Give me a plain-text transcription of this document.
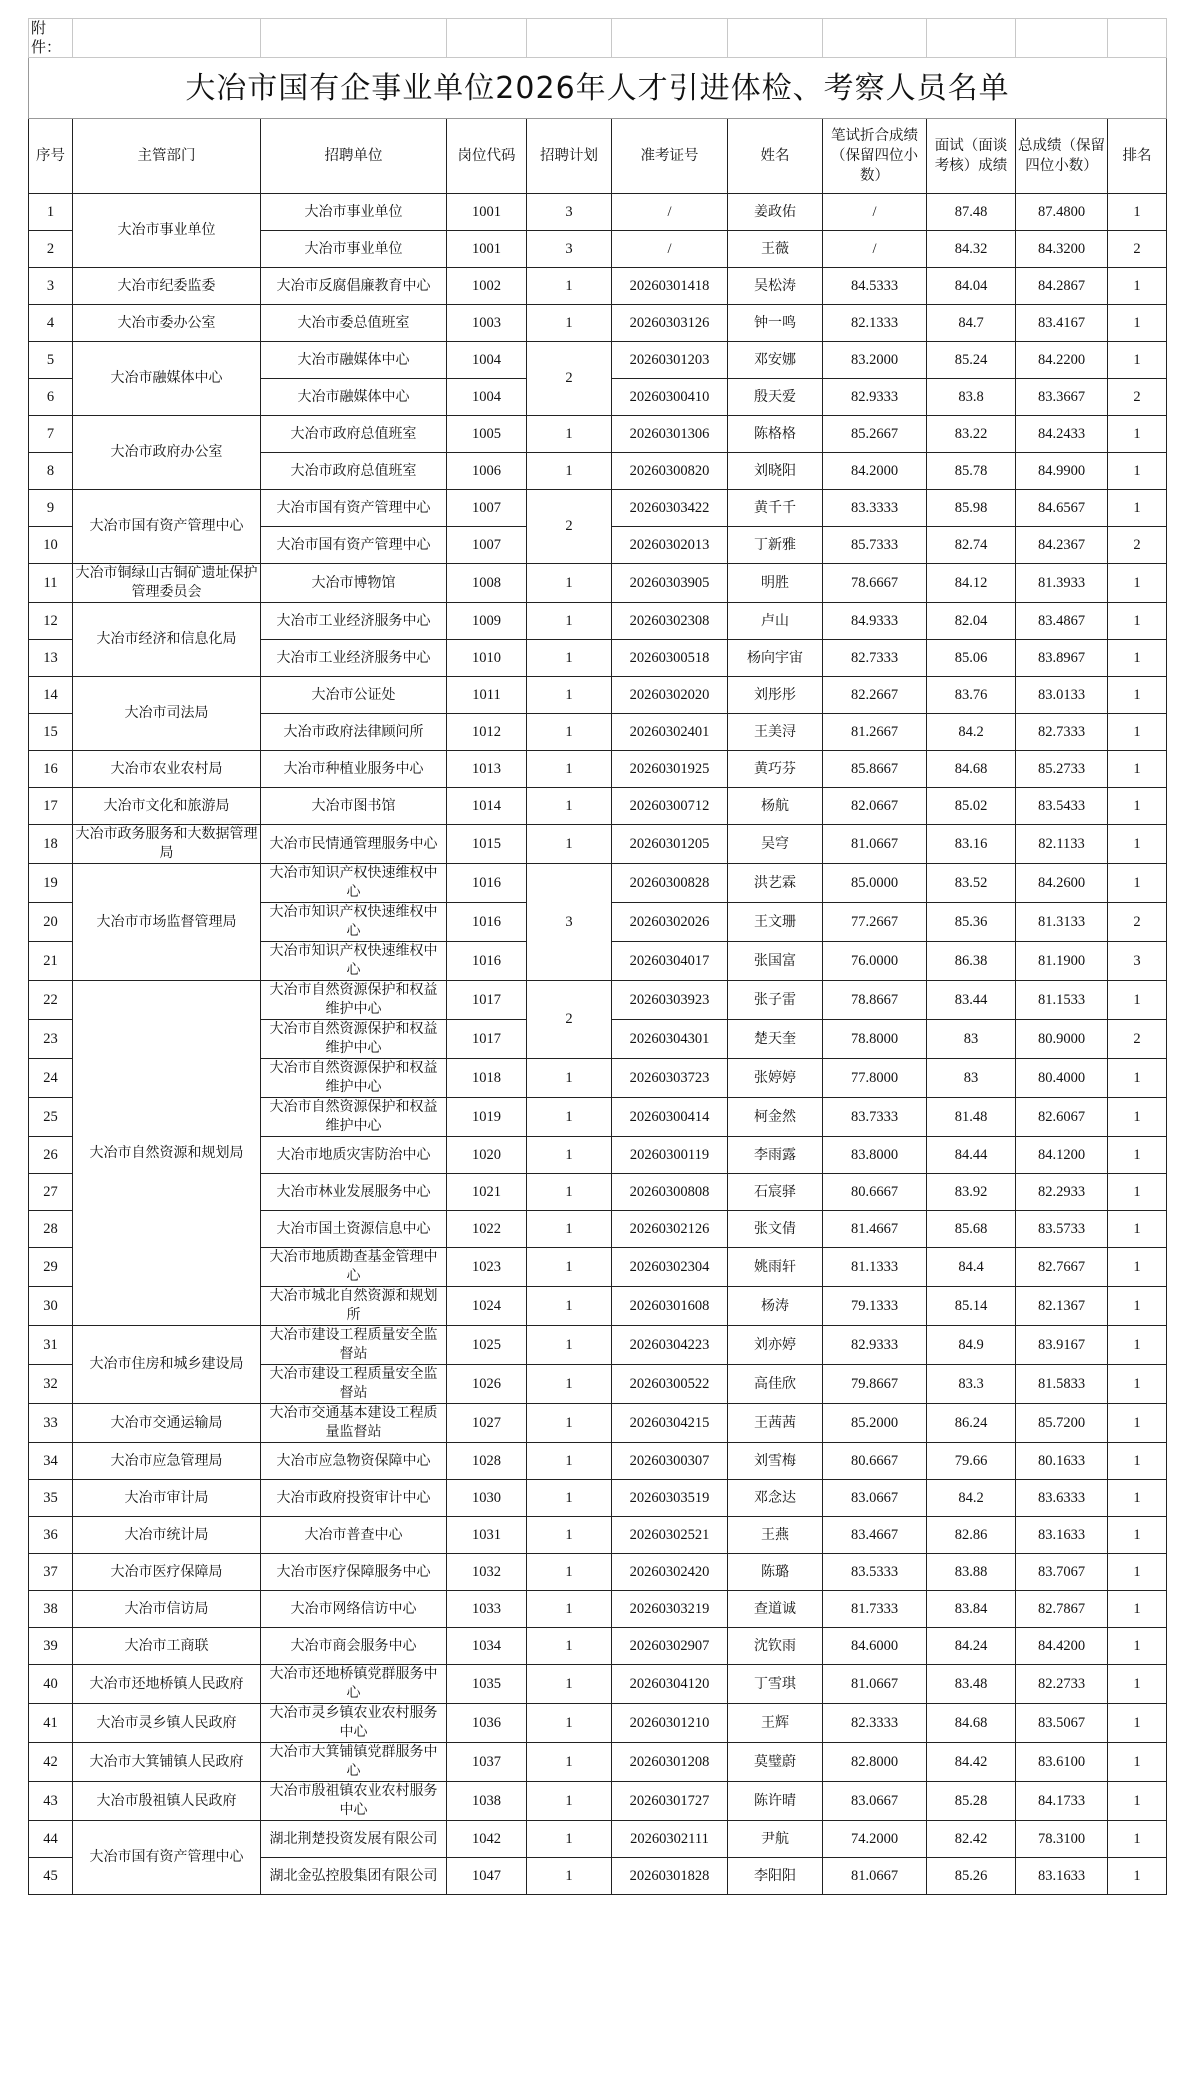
附件：										
大冶市国有企事业单位2026年人才引进体检、考察人员名单										
序号	主管部门	招聘单位	岗位代码	招聘计划	准考证号	姓名	笔试折合成绩（保留四位小数）	面试（面谈考核）成绩	总成绩（保留四位小数）	排名
1	大冶市事业单位	大冶市事业单位	1001	3	/	姜政佑	/	87.48	87.4800	1
2		大冶市事业单位	1001	3	/	王薇	/	84.32	84.3200	2
3	大冶市纪委监委	大冶市反腐倡廉教育中心	1002	1	20260301418	吴松涛	84.5333	84.04	84.2867	1
4	大冶市委办公室	大冶市委总值班室	1003	1	20260303126	钟一鸣	82.1333	84.7	83.4167	1
5	大冶市融媒体中心	大冶市融媒体中心	1004	2	20260301203	邓安娜	83.2000	85.24	84.2200	1
6		大冶市融媒体中心	1004		20260300410	殷天爱	82.9333	83.8	83.3667	2
7	大冶市政府办公室	大冶市政府总值班室	1005	1	20260301306	陈格格	85.2667	83.22	84.2433	1
8		大冶市政府总值班室	1006	1	20260300820	刘晓阳	84.2000	85.78	84.9900	1
9	大冶市国有资产管理中心	大冶市国有资产管理中心	1007	2	20260303422	黄千千	83.3333	85.98	84.6567	1
10		大冶市国有资产管理中心	1007		20260302013	丁新雅	85.7333	82.74	84.2367	2
11	大冶市铜绿山古铜矿遗址保护管理委员会	大冶市博物馆	1008	1	20260303905	明胜	78.6667	84.12	81.3933	1
12	大冶市经济和信息化局	大冶市工业经济服务中心	1009	1	20260302308	卢山	84.9333	82.04	83.4867	1
13		大冶市工业经济服务中心	1010	1	20260300518	杨向宇宙	82.7333	85.06	83.8967	1
14	大冶市司法局	大冶市公证处	1011	1	20260302020	刘彤彤	82.2667	83.76	83.0133	1
15		大冶市政府法律顾问所	1012	1	20260302401	王美浔	81.2667	84.2	82.7333	1
16	大冶市农业农村局	大冶市种植业服务中心	1013	1	20260301925	黄巧芬	85.8667	84.68	85.2733	1
17	大冶市文化和旅游局	大冶市图书馆	1014	1	20260300712	杨航	82.0667	85.02	83.5433	1
18	大冶市政务服务和大数据管理局	大冶市民情通管理服务中心	1015	1	20260301205	吴穹	81.0667	83.16	82.1133	1
19	大冶市市场监督管理局	大冶市知识产权快速维权中心	1016	3	20260300828	洪艺霖	85.0000	83.52	84.2600	1
20		大冶市知识产权快速维权中心	1016		20260302026	王文珊	77.2667	85.36	81.3133	2
21		大冶市知识产权快速维权中心	1016		20260304017	张国富	76.0000	86.38	81.1900	3
22	大冶市自然资源和规划局	大冶市自然资源保护和权益维护中心	1017	2	20260303923	张子雷	78.8667	83.44	81.1533	1
23		大冶市自然资源保护和权益维护中心	1017		20260304301	楚天奎	78.8000	83	80.9000	2
24		大冶市自然资源保护和权益维护中心	1018	1	20260303723	张婷婷	77.8000	83	80.4000	1
25		大冶市自然资源保护和权益维护中心	1019	1	20260300414	柯金然	83.7333	81.48	82.6067	1
26		大冶市地质灾害防治中心	1020	1	20260300119	李雨露	83.8000	84.44	84.1200	1
27		大冶市林业发展服务中心	1021	1	20260300808	石宸驿	80.6667	83.92	82.2933	1
28		大冶市国土资源信息中心	1022	1	20260302126	张文倩	81.4667	85.68	83.5733	1
29		大冶市地质勘查基金管理中心	1023	1	20260302304	姚雨轩	81.1333	84.4	82.7667	1
30		大冶市城北自然资源和规划所	1024	1	20260301608	杨涛	79.1333	85.14	82.1367	1
31	大冶市住房和城乡建设局	大冶市建设工程质量安全监督站	1025	1	20260304223	刘亦婷	82.9333	84.9	83.9167	1
32		大冶市建设工程质量安全监督站	1026	1	20260300522	高佳欣	79.8667	83.3	81.5833	1
33	大冶市交通运输局	大冶市交通基本建设工程质量监督站	1027	1	20260304215	王茜茜	85.2000	86.24	85.7200	1
34	大冶市应急管理局	大冶市应急物资保障中心	1028	1	20260300307	刘雪梅	80.6667	79.66	80.1633	1
35	大冶市审计局	大冶市政府投资审计中心	1030	1	20260303519	邓念达	83.0667	84.2	83.6333	1
36	大冶市统计局	大冶市普查中心	1031	1	20260302521	王燕	83.4667	82.86	83.1633	1
37	大冶市医疗保障局	大冶市医疗保障服务中心	1032	1	20260302420	陈璐	83.5333	83.88	83.7067	1
38	大冶市信访局	大冶市网络信访中心	1033	1	20260303219	查道诚	81.7333	83.84	82.7867	1
39	大冶市工商联	大冶市商会服务中心	1034	1	20260302907	沈钦雨	84.6000	84.24	84.4200	1
40	大冶市还地桥镇人民政府	大冶市还地桥镇党群服务中心	1035	1	20260304120	丁雪琪	81.0667	83.48	82.2733	1
41	大冶市灵乡镇人民政府	大冶市灵乡镇农业农村服务中心	1036	1	20260301210	王辉	82.3333	84.68	83.5067	1
42	大冶市大箕铺镇人民政府	大冶市大箕铺镇党群服务中心	1037	1	20260301208	莫璧蔚	82.8000	84.42	83.6100	1
43	大冶市殷祖镇人民政府	大冶市殷祖镇农业农村服务中心	1038	1	20260301727	陈许晴	83.0667	85.28	84.1733	1
44	大冶市国有资产管理中心	湖北荆楚投资发展有限公司	1042	1	20260302111	尹航	74.2000	82.42	78.3100	1
45		湖北金弘控股集团有限公司	1047	1	20260301828	李阳阳	81.0667	85.26	83.1633	1
